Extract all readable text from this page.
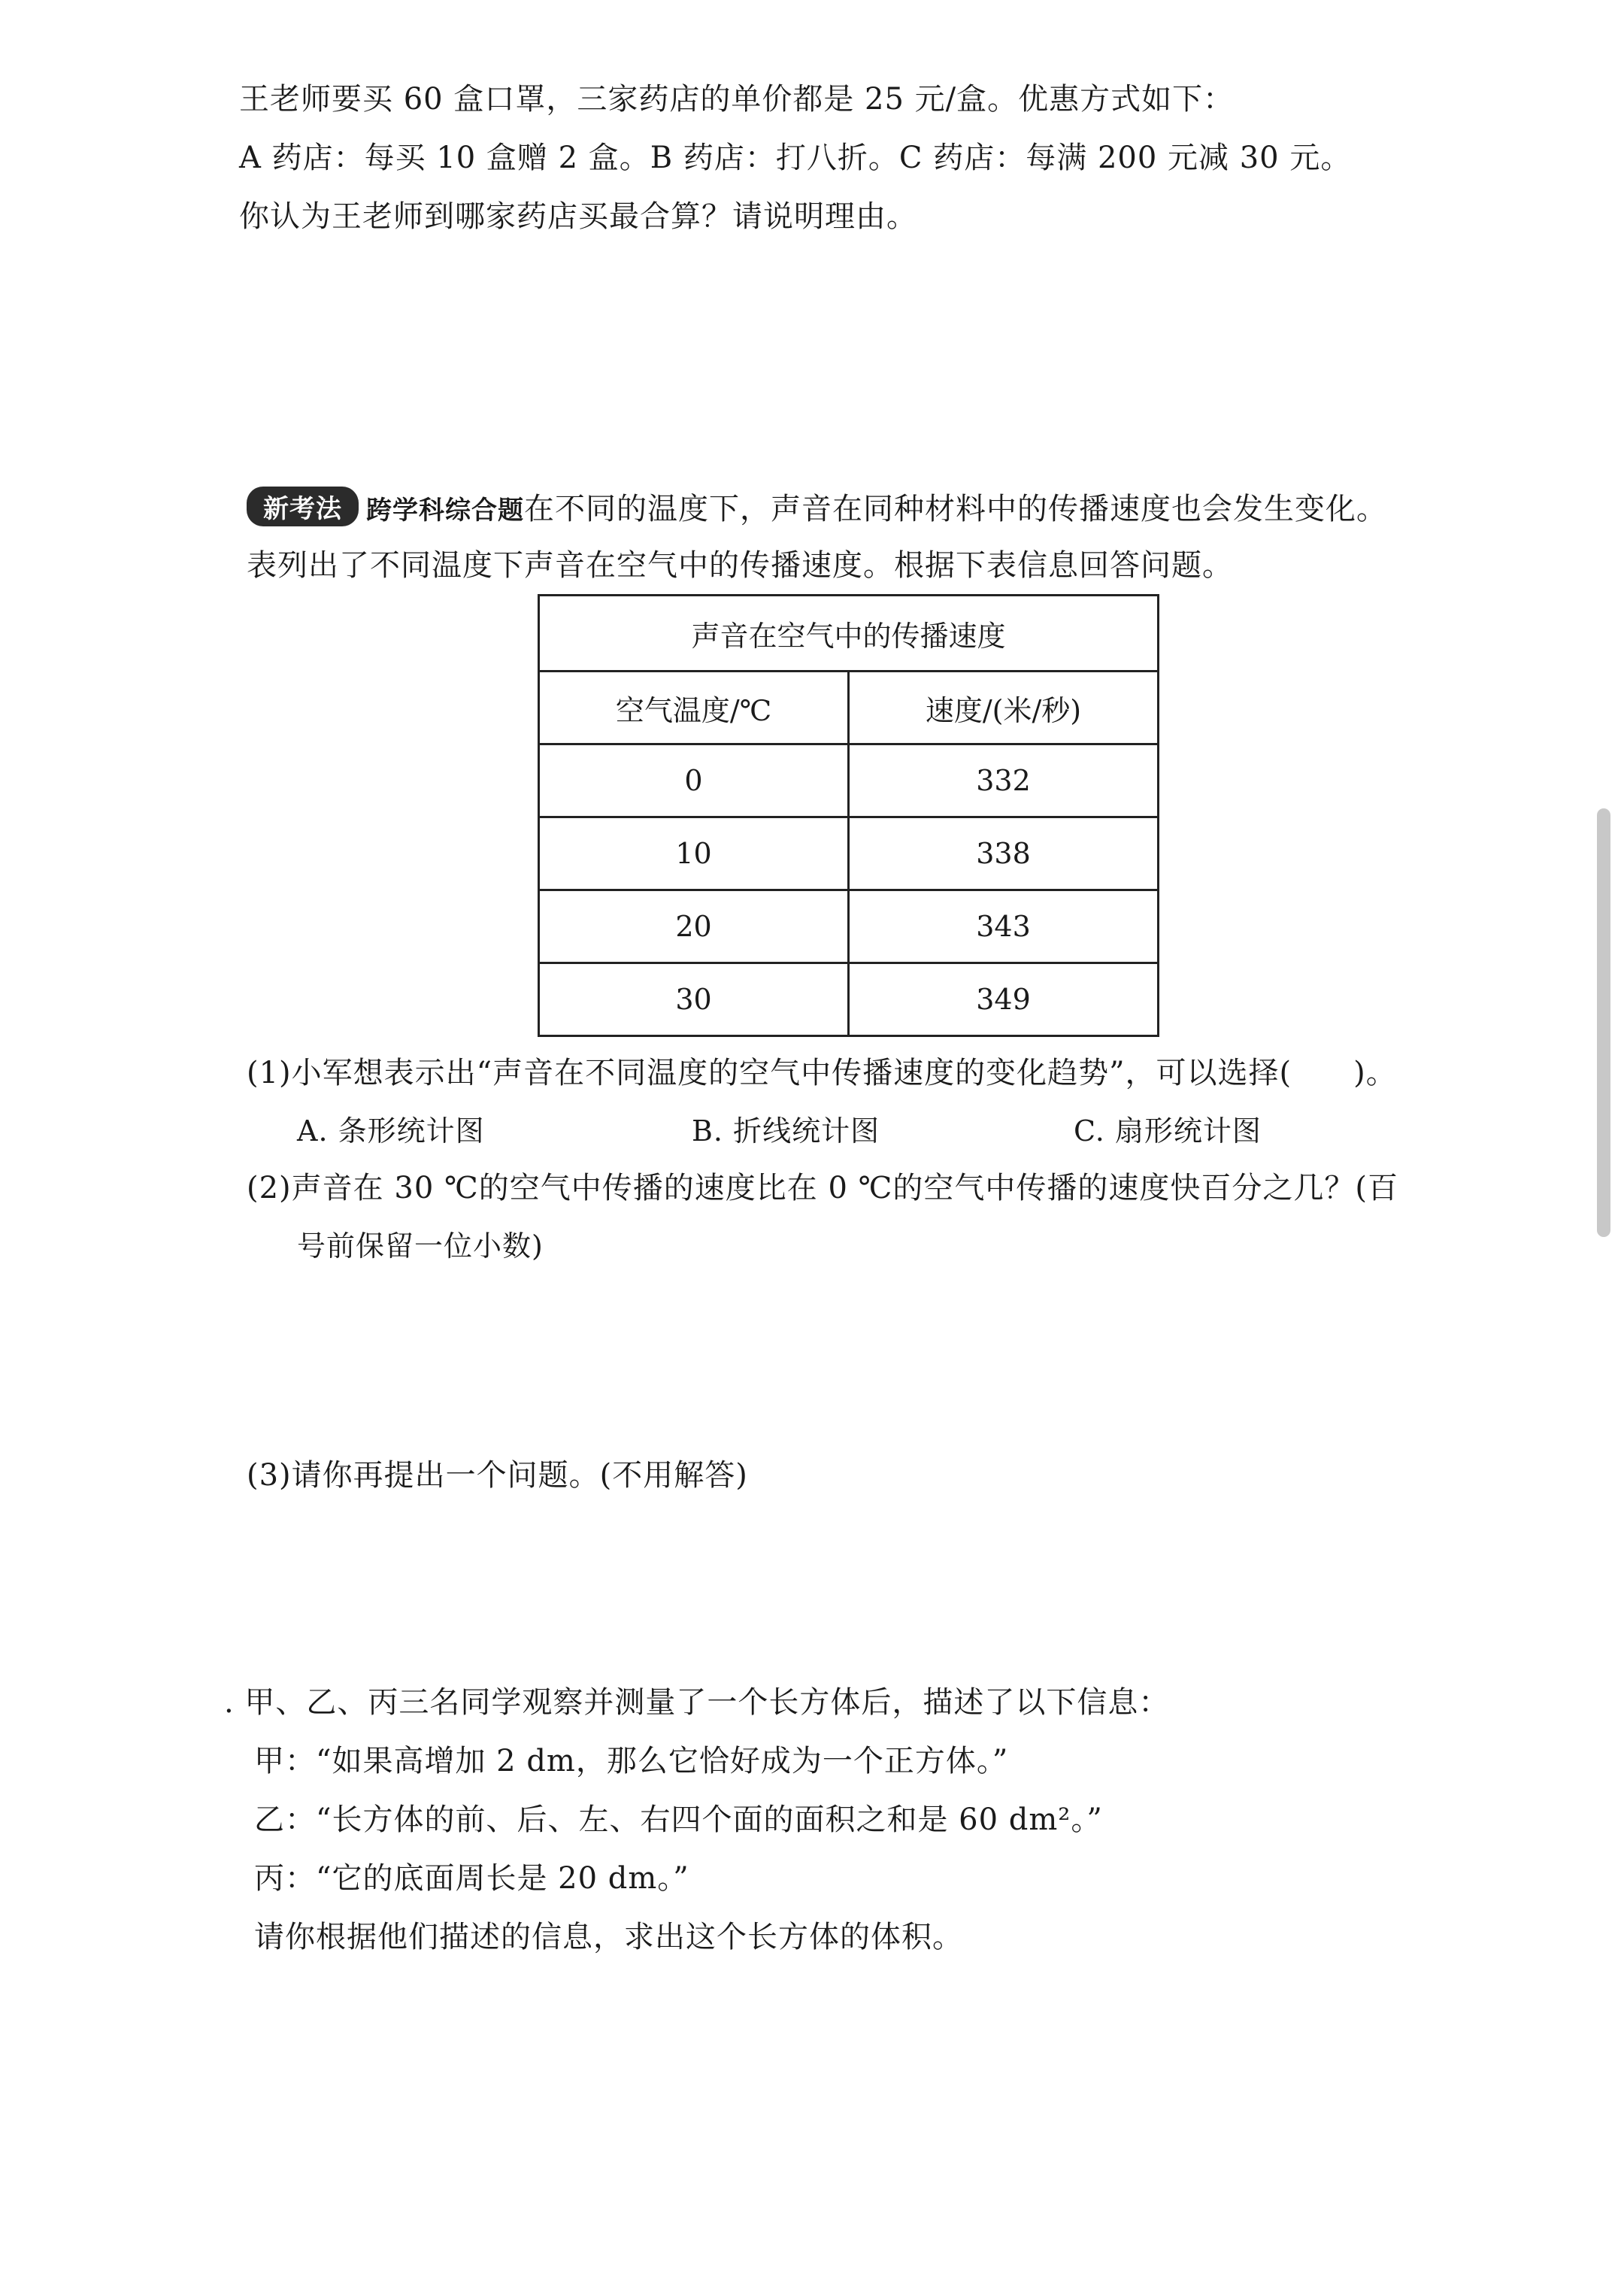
王老师要买 60 盒口罩，三家药店的单价都是 25 元/盒。优惠方式如下：
A 药店：每买 10 盒赠 2 盒。B 药店：打八折。C 药店：每满 200 元减 30 元。
你认为王老师到哪家药店买最合算？请说明理由。
新考法 跨学科综合题在不同的温度下，声音在同种材料中的传播速度也会发生变化。
表列出了不同温度下声音在空气中的传播速度。根据下表信息回答问题。
声音在空气中的传播速度	
空气温度/℃	速度/(米/秒)
0	332
10	338
20	343
30	349
(1)小军想表示出“声音在不同温度的空气中传播速度的变化趋势”，可以选择(　　)。
A. 条形统计图	B. 折线统计图	C. 扇形统计图
(2)声音在 30 ℃的空气中传播的速度比在 0 ℃的空气中传播的速度快百分之几？(百
号前保留一位小数)
(3)请你再提出一个问题。(不用解答)
. 甲、乙、丙三名同学观察并测量了一个长方体后，描述了以下信息：
甲：“如果高增加 2 dm，那么它恰好成为一个正方体。”
乙：“长方体的前、后、左、右四个面的面积之和是 60 dm²。”
丙：“它的底面周长是 20 dm。”
请你根据他们描述的信息，求出这个长方体的体积。
